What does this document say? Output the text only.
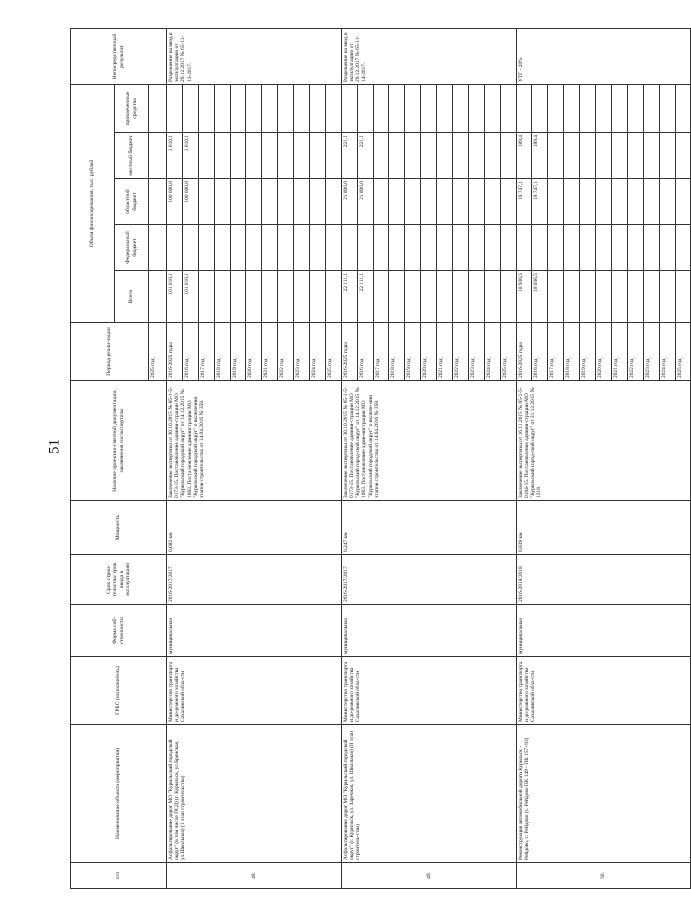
51
п/п	Наименование объекта (мероприятия)	ГРБС (исполнитель)	Форма соб-ственности	Срок строи-тельства/ срок ввода в эксплуатацию	Мощность	Наличие проектно-сметной документации, заключения госэкспертизы	Период реали-зации	Объем финансирования, тыс. рублей					Непосредственный результат
								Всего	Федеральный бюджет	областной бюджет	местный бюджет	привлеченные средства	
							2025 год						
48.	Асфальтирование дорог МО "Курильский городской округ" (в том числе ПСД) (г. Курильск, ул.Брянская, ул.Школьная) (1 этап строительства)	Министерство транспорта и до-рожного хозяйства Сахалинской обла-сти	муниципальная	2016-2017/2017	0,682 км	Заключение экспертизы от 30.10.2015 № 65-1-5-0173-15. Постановление админи-страции МО "Курильский городской округ" от 14.12.2015 № 1083. Поста-новление администрации МО "Курильский городской округ" о включении этапов строительства от 14.04.2016 № 358.	2016-2025 годы	101 010,1		100 000,0	1 010,1		Разрешение на ввод в эксплуатацию от 29.12.2017 № 65-11-13-2017.
							2016 год	101 010,1		100 000,0	1 010,1		
							2017 год						
							2018 год						
							2019 год						
							2020 год						
							2021 год						
							2022 год						
							2023 год						
							2024 год						
							2025 год						
49.	Асфальтирование дорог МО "Курильский городской округ" (г. Курильск, ул. Заречная, ул. Школьная) (II этап строитель-ства)	Министерство транспорта и до-рожного хозяйства Сахалинской обла-сти	муниципальная	2016-2017/2017	0,247 км	Заключение экспертизы от 30.10.2015 № 65-1-5-0173-15. Постановление админи-страции МО "Курильский город-ской округ" от 14.12.2015 № 1083. Постановление адми-нистрации МО "Курильский городской округ" о включе-нии этапов строительства от 14.04.2016 № 358.	2016-2025 годы	22 111,1		21 890,0	221,1		Разрешение на ввод в эксплуатацию от 29.12.2017 № 65-11-14-2017.
							2016 год	22 111,1		21 890,0	221,1		
							2017 год						
							2018 год						
							2019 год						
							2020 год						
							2021 год						
							2022 год						
							2023 год						
							2024 год						
							2025 год						
50.	Реконструкция автомобильной дороги Курильск - Рейдово, с. Рейдово (с. Рейдово ПК 149 - ПК 157+93)	Министерство транспорта и до-рожного хозяйства Сахалинской обла-сти	муниципальная	2016-2018/2018	0,839 км	Заключение экспертизы от 16.11.2015 № 65-1-5-0184-15. Постановление админи-страции МО "Курильский город-ской округ" от 31.12.2015 № 1218.	2016-2025 годы	18 936,5		18 747,1	189,4		УТГ - 20%
							2016 год	18 936,5		18 747,1	189,4		
							2017 год						
							2018 год						
							2019 год						
							2020 год						
							2021 год						
							2022 год						
							2023 год						
							2024 год						
							2025 год						
